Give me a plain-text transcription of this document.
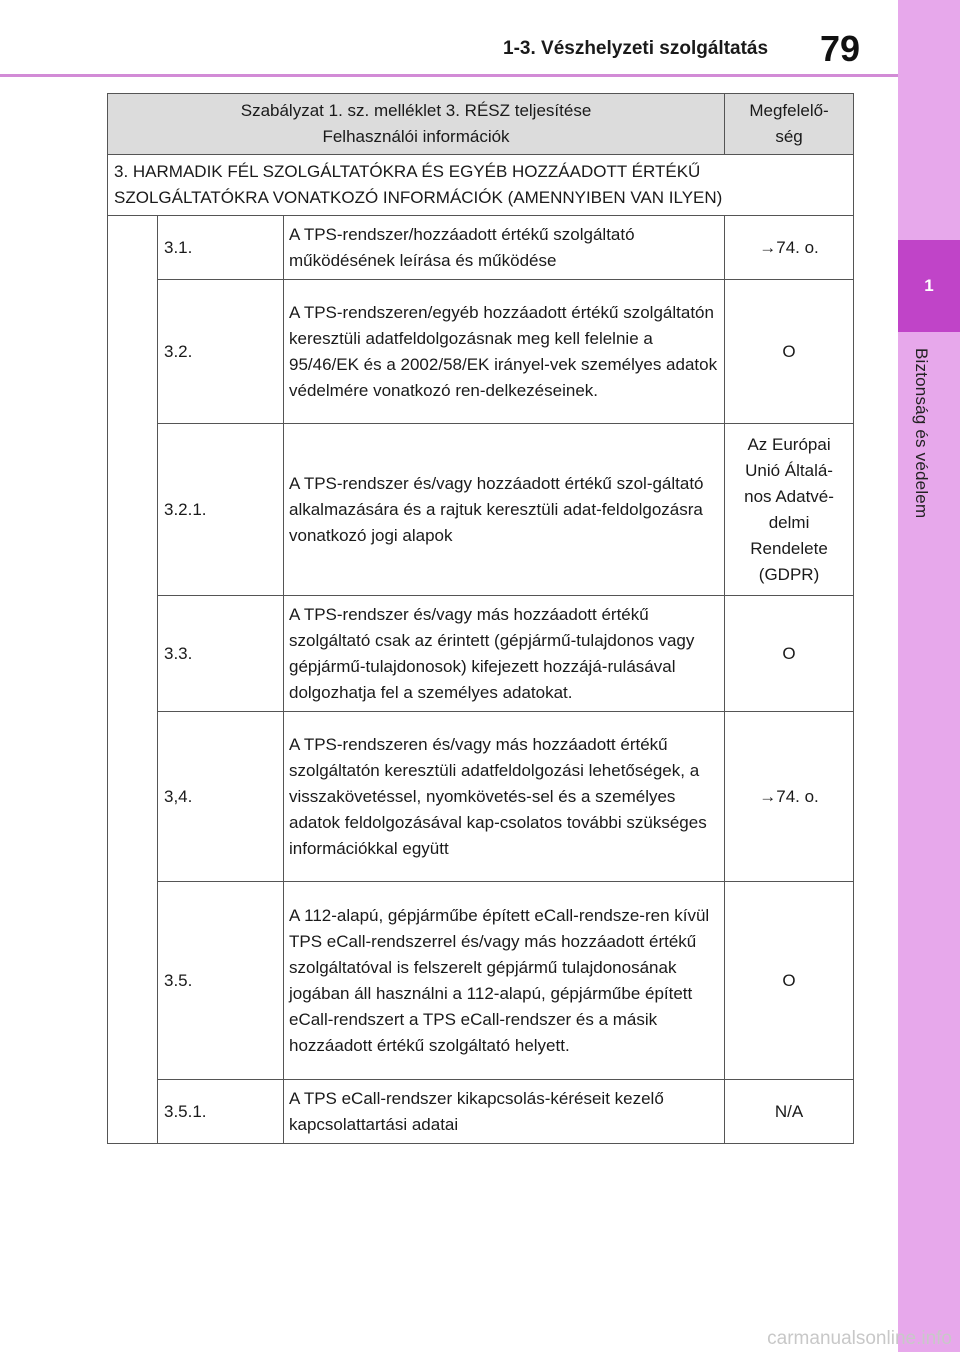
1-3. Vészhelyzeti szolgáltatás 79
1
Biztonság és védelem
Szabályzat 1. sz. melléklet 3. RÉSZ teljesítése
Felhasználói információk			Megfelelő-ség

3. HARMADIK FÉL SZOLGÁLTATÓKRA ÉS EGYÉB HOZZÁADOTT ÉRTÉKŰ SZOLGÁLTATÓKRA VONATKOZÓ INFORMÁCIÓK (AMENNYIBEN VAN ILYEN)			
	3.1.	A TPS-rendszer/hozzáadott értékű szolgáltató működésének leírása és működése	→74. o.
	3.2.	A TPS-rendszeren/egyéb hozzáadott értékű szolgáltatón keresztüli adatfeldolgozásnak meg kell felelnie a 95/46/EK és a 2002/58/EK irányel-vek személyes adatok védelmére vonatkozó ren-delkezéseinek.	O
	3.2.1.	A TPS-rendszer és/vagy hozzáadott értékű szol-gáltató alkalmazására és a rajtuk keresztüli adat-feldolgozásra vonatkozó jogi alapok	Az Európai Unió Általá-nos Adatvé-delmi Rendelete (GDPR)
	3.3.	A TPS-rendszer és/vagy más hozzáadott értékű szolgáltató csak az érintett (gépjármű-tulajdonos vagy gépjármű-tulajdonosok) kifejezett hozzájá-rulásával dolgozhatja fel a személyes adatokat.	O
	3,4.	A TPS-rendszeren és/vagy más hozzáadott értékű szolgáltatón keresztüli adatfeldolgozási lehetőségek, a visszakövetéssel, nyomkövetés-sel és a személyes adatok feldolgozásával kap-csolatos további szükséges információkkal együtt	→74. o.
	3.5.	A 112-alapú, gépjárműbe épített eCall-rendsze-ren kívül TPS eCall-rendszerrel és/vagy más hozzáadott értékű szolgáltatóval is felszerelt gépjármű tulajdonosának jogában áll használni a 112-alapú, gépjárműbe épített eCall-rendszert a TPS eCall-rendszer és a másik hozzáadott értékű szolgáltató helyett.	O
	3.5.1.	A TPS eCall-rendszer kikapcsolás-kéréseit kezelő kapcsolattartási adatai	N/A
carmanualsonline.info
